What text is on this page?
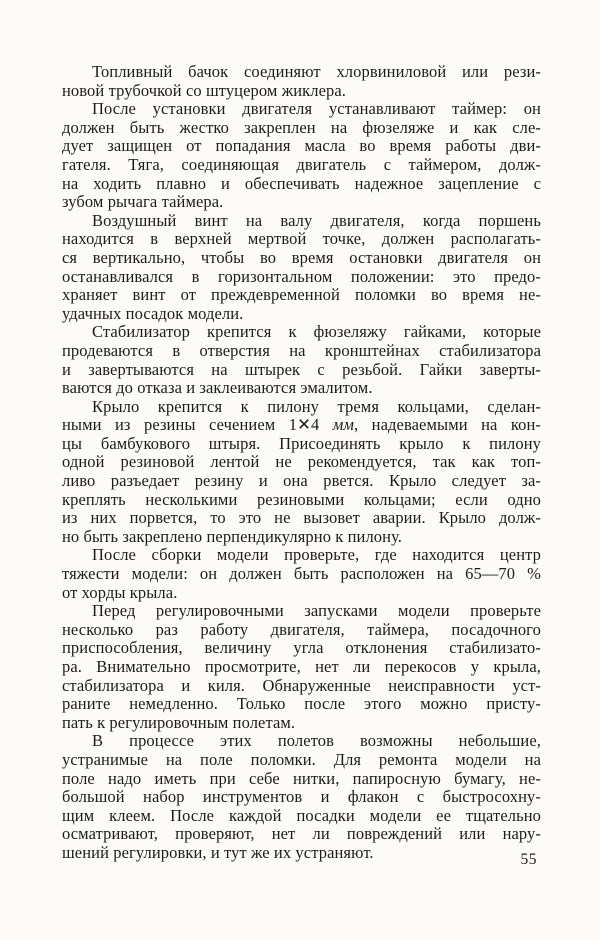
Топливный бачок соединяют хлорвиниловой или рези-
новой трубочкой со штуцером жиклера.
После установки двигателя устанавливают таймер: он
должен быть жестко закреплен на фюзеляже и как сле-
дует защищен от попадания масла во время работы дви-
гателя. Тяга, соединяющая двигатель с таймером, долж-
на ходить плавно и обеспечивать надежное зацепление с
зубом рычага таймера.
Воздушный винт на валу двигателя, когда поршень
находится в верхней мертвой точке, должен располагать-
ся вертикально, чтобы во время остановки двигателя он
останавливался в горизонтальном положении: это предо-
храняет винт от преждевременной поломки во время не-
удачных посадок модели.
Стабилизатор крепится к фюзеляжу гайками, которые
продеваются в отверстия на кронштейнах стабилизатора
и завертываются на штырек с резьбой. Гайки заверты-
ваются до отказа и заклеиваются эмалитом.
Крыло крепится к пилону тремя кольцами, сделан-
ными из резины сечением 1✕4 мм, надеваемыми на кон-
цы бамбукового штыря. Присоединять крыло к пилону
одной резиновой лентой не рекомендуется, так как топ-
ливо разъедает резину и она рвется. Крыло следует за-
креплять несколькими резиновыми кольцами; если одно
из них порвется, то это не вызовет аварии. Крыло долж-
но быть закреплено перпендикулярно к пилону.
После сборки модели проверьте, где находится центр
тяжести модели: он должен быть расположен на 65—70 %
от хорды крыла.
Перед регулировочными запусками модели проверьте
несколько раз работу двигателя, таймера, посадочного
приспособления, величину угла отклонения стабилизато-
ра. Внимательно просмотрите, нет ли перекосов у крыла,
стабилизатора и киля. Обнаруженные неисправности уст-
раните немедленно. Только после этого можно присту-
пать к регулировочным полетам.
В процессе этих полетов возможны небольшие,
устранимые на поле поломки. Для ремонта модели на
поле надо иметь при себе нитки, папиросную бумагу, не-
большой набор инструментов и флакон с быстросохну-
щим клеем. После каждой посадки модели ее тщательно
осматривают, проверяют, нет ли повреждений или нару-
шений регулировки, и тут же их устраняют.	55
